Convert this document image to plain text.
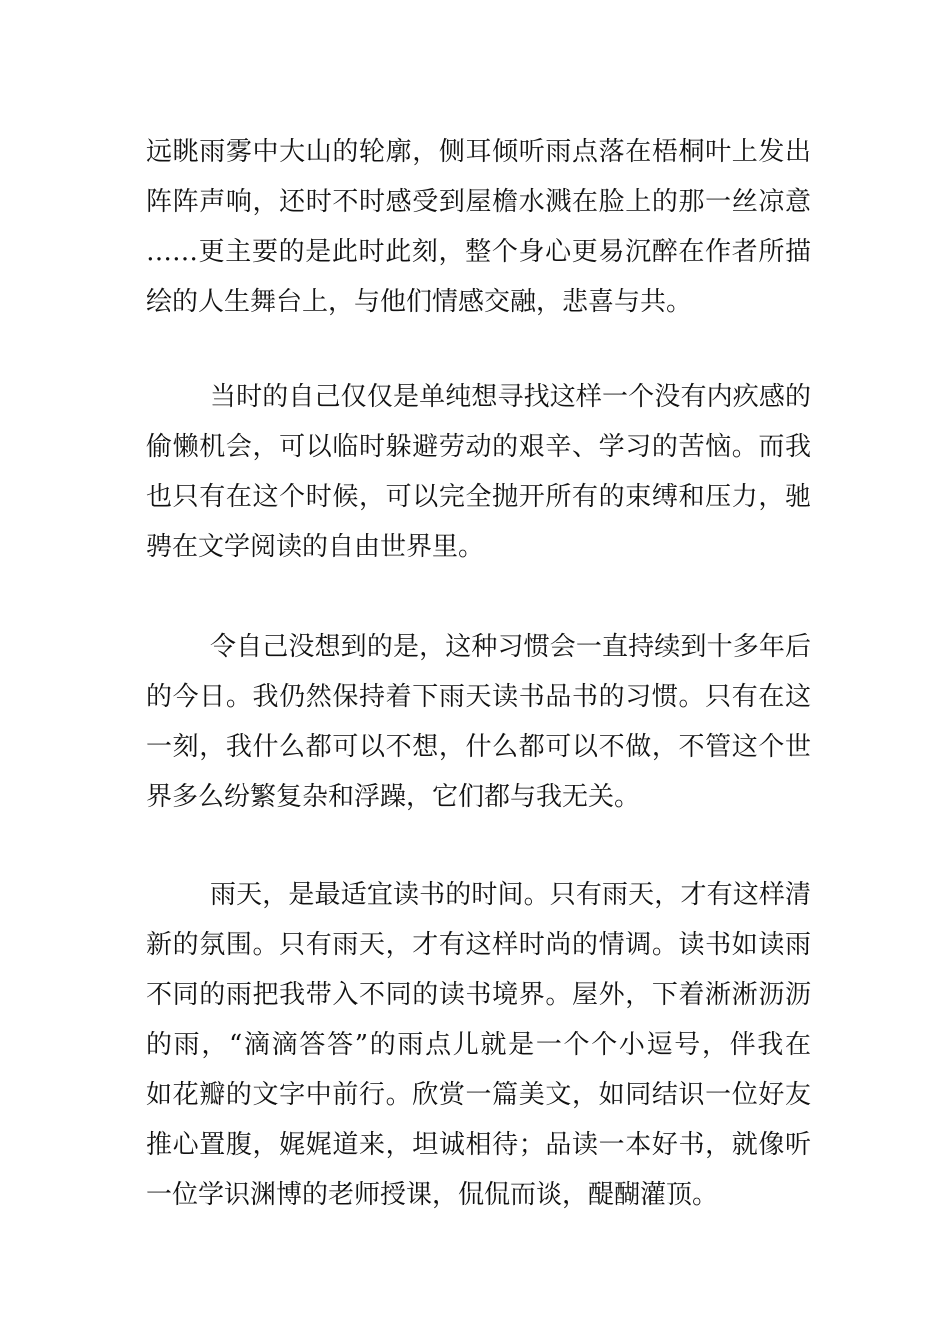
远眺雨雾中大山的轮廓，侧耳倾听雨点落在梧桐叶上发出
阵阵声响，还时不时感受到屋檐水溅在脸上的那一丝凉意
……更主要的是此时此刻，整个身心更易沉醉在作者所描
绘的人生舞台上，与他们情感交融，悲喜与共。
当时的自己仅仅是单纯想寻找这样一个没有内疚感的
偷懒机会，可以临时躲避劳动的艰辛、学习的苦恼。而我
也只有在这个时候，可以完全抛开所有的束缚和压力，驰
骋在文学阅读的自由世界里。
令自己没想到的是，这种习惯会一直持续到十多年后
的今日。我仍然保持着下雨天读书品书的习惯。只有在这
一刻，我什么都可以不想，什么都可以不做，不管这个世
界多么纷繁复杂和浮躁，它们都与我无关。
雨天，是最适宜读书的时间。只有雨天，才有这样清
新的氛围。只有雨天，才有这样时尚的情调。读书如读雨
不同的雨把我带入不同的读书境界。屋外，下着淅淅沥沥
的雨，“滴滴答答”的雨点儿就是一个个小逗号，伴我在
如花瓣的文字中前行。欣赏一篇美文，如同结识一位好友
推心置腹，娓娓道来，坦诚相待；品读一本好书，就像听
一位学识渊博的老师授课，侃侃而谈，醍醐灌顶。
